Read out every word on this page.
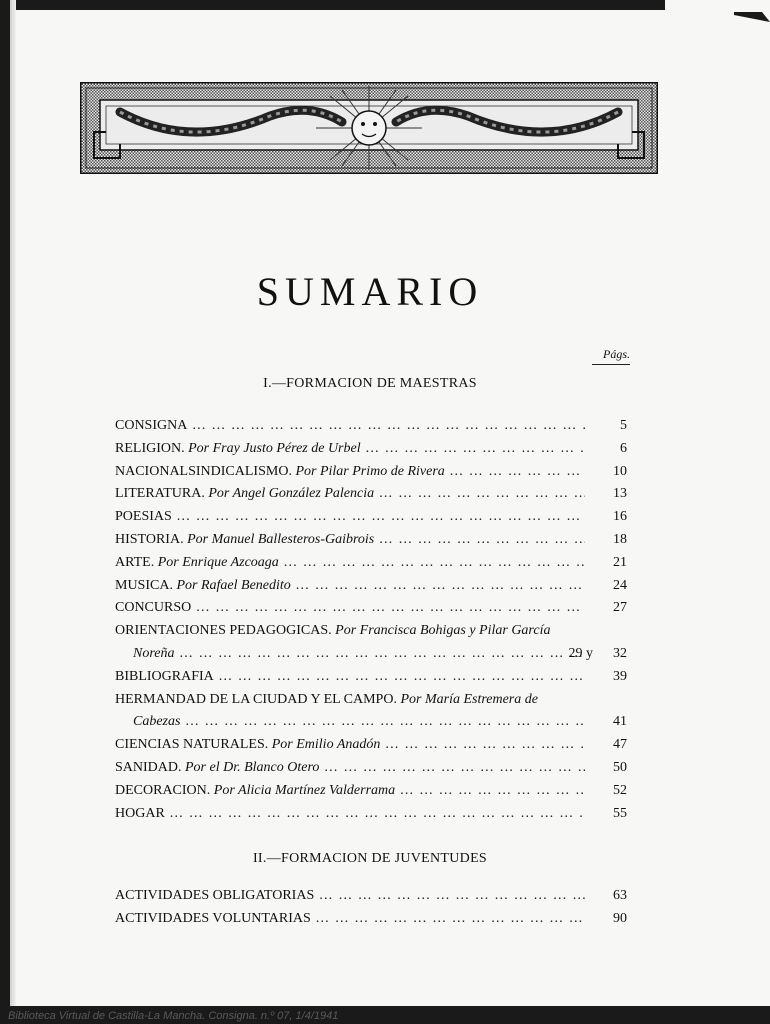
SUMARIO
Págs.
I.—FORMACION DE MAESTRAS
CONSIGNA … … … … … … … … … … … … … … … … … … … … … … … … … … … … … … … … … … … … … … … …	5
RELIGION. Por Fray Justo Pérez de Urbel … … … … … … … … … … … … … … … … … … … … … … … … … … … … … … … … … … … … … … … …	6
NACIONALSINDICALISMO. Por Pilar Primo de Rivera … … … … … … … … … … … … … … … … … … … … … … … … … … … … … … … … … … … … … … … …	10
LITERATURA. Por Angel González Palencia … … … … … … … … … … … … … … … … … … … … … … … … … … … … … … … … … … … … … … … …	13
POESIAS … … … … … … … … … … … … … … … … … … … … … … … … … … … … … … … … … … … … … … … …	16
HISTORIA. Por Manuel Ballesteros-Gaibrois … … … … … … … … … … … … … … … … … … … … … … … … … … … … … … … … … … … … … … … …	18
ARTE. Por Enrique Azcoaga … … … … … … … … … … … … … … … … … … … … … … … … … … … … … … … … … … … … … … … …	21
MUSICA. Por Rafael Benedito … … … … … … … … … … … … … … … … … … … … … … … … … … … … … … … … … … … … … … … …	24
CONCURSO … … … … … … … … … … … … … … … … … … … … … … … … … … … … … … … … … … … … … … … …	27
ORIENTACIONES PEDAGOGICAS. Por Francisca Bohigas y Pilar García
Noreña … … … … … … … … … … … … … … … … … … … … … … … … … … … … … … … … … … …	29 y	32
BIBLIOGRAFIA … … … … … … … … … … … … … … … … … … … … … … … … … … … … … … … … … … … … … … … …	39
HERMANDAD DE LA CIUDAD Y EL CAMPO. Por María Estremera de
Cabezas … … … … … … … … … … … … … … … … … … … … … … … … … … … … … … … … … … …	41
CIENCIAS NATURALES. Por Emilio Anadón … … … … … … … … … … … … … … … … … … … … … … … … … … … … … … … … … … … … … … … …	47
SANIDAD. Por el Dr. Blanco Otero … … … … … … … … … … … … … … … … … … … … … … … … … … … … … … … … … … … … … … … …	50
DECORACION. Por Alicia Martínez Valderrama … … … … … … … … … … … … … … … … … … … … … … … … … … … … … … … … … … … … … … … …	52
HOGAR … … … … … … … … … … … … … … … … … … … … … … … … … … … … … … … … … … … … … … … …	55
II.—FORMACION DE JUVENTUDES
ACTIVIDADES OBLIGATORIAS … … … … … … … … … … … … … … … … … … … … … … … … … … … … … … … … … … … … … … … …	63
ACTIVIDADES VOLUNTARIAS … … … … … … … … … … … … … … … … … … … … … … … … … … … … … … … … … … … … … … … …	90
Biblioteca Virtual de Castilla-La Mancha. Consigna. n.º 07, 1/4/1941
